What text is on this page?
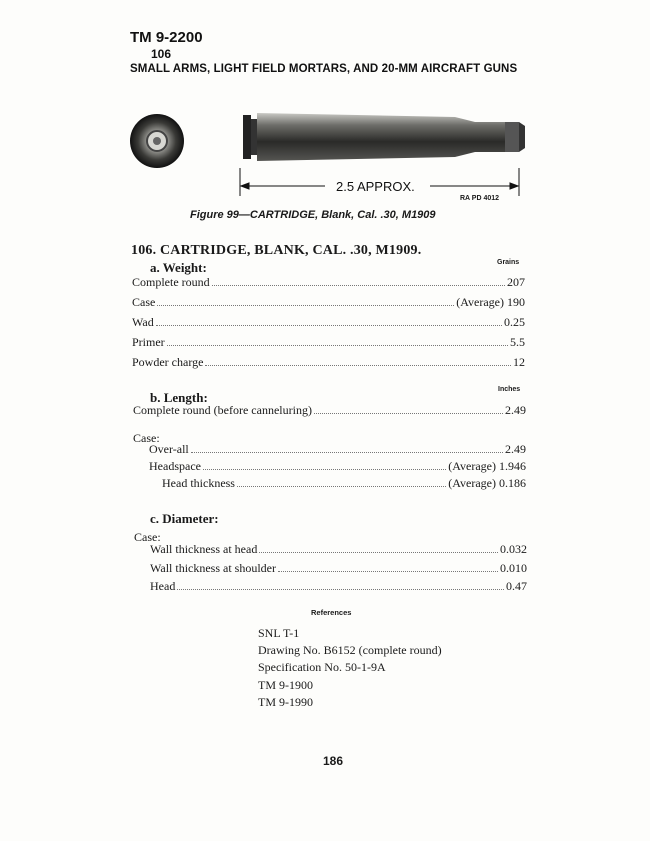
TM 9-2200
106
SMALL ARMS, LIGHT FIELD MORTARS, AND 20-MM AIRCRAFT GUNS
2.5 APPROX.
RA PD 4012
Figure 99—CARTRIDGE, Blank, Cal. .30, M1909
106. CARTRIDGE, BLANK, CAL. .30, M1909.
a. Weight:	Grains
Complete round	207
Case	(Average) 190
Wad	0.25
Primer	5.5
Powder charge	12
b. Length:
Inches
Complete round (before canneluring)	2.49
Case:
Over-all	2.49
Headspace	(Average) 1.946
Head thickness	(Average) 0.186
c. Diameter:
Case:
Wall thickness at head	0.032
Wall thickness at shoulder	0.010
Head	0.47
References
SNL T-1
Drawing No. B6152 (complete round)
Specification No. 50-1-9A
TM 9-1900
TM 9-1990
186
